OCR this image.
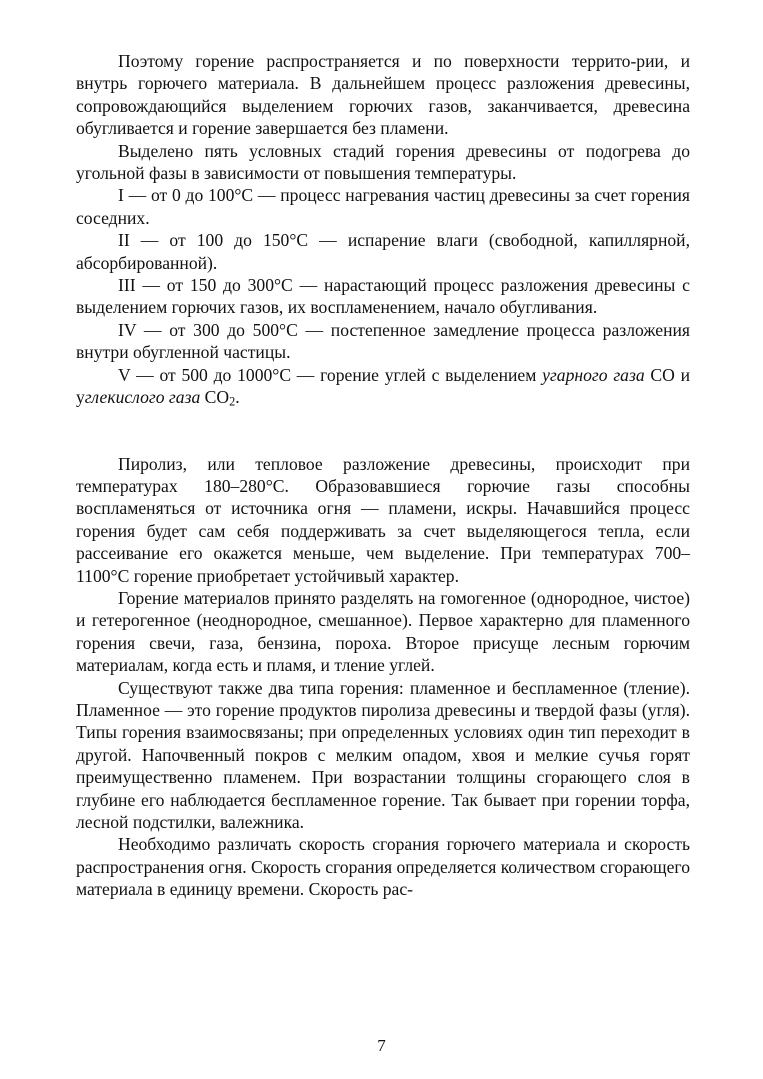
Поэтому горение распространяется и по поверхности террито-рии, и внутрь горючего материала. В дальнейшем процесс разложения древесины, сопровождающийся выделением горючих газов, заканчивается, древесина обугливается и горение завершается без пламени.

Выделено пять условных стадий горения древесины от подогрева до угольной фазы в зависимости от повышения температуры.

I — от 0 до 100°С — процесс нагревания частиц древесины за счет горения соседних.

II — от 100 до 150°С — испарение влаги (свободной, капиллярной, абсорбированной).

III — от 150 до 300°С — нарастающий процесс разложения древесины с выделением горючих газов, их воспламенением, начало обугливания.

IV — от 300 до 500°С — постепенное замедление процесса разложения внутри обугленной частицы.

V — от 500 до 1000°С — горение углей с выделением угарного газа СО и углекислого газа $СО_2$.

Пиролиз, или тепловое разложение древесины, происходит при температурах 180–280°С. Образовавшиеся горючие газы способны воспламеняться от источника огня — пламени, искры. Начавшийся процесс горения будет сам себя поддерживать за счет выделяющегося тепла, если рассеивание его окажется меньше, чем выделение. При температурах 700–1100°С горение приобретает устойчивый характер.

Горение материалов принято разделять на гомогенное (однородное, чистое) и гетерогенное (неоднородное, смешанное). Первое характерно для пламенного горения свечи, газа, бензина, пороха. Второе присуще лесным горючим материалам, когда есть и пламя, и тление углей.

Существуют также два типа горения: пламенное и беспламенное (тление). Пламенное — это горение продуктов пиролиза древесины и твердой фазы (угля). Типы горения взаимосвязаны; при определенных условиях один тип переходит в другой. Напочвенный покров с мелким опадом, хвоя и мелкие сучья горят преимущественно пламенем. При возрастании толщины сгорающего слоя в глубине его наблюдается беспламенное горение. Так бывает при горении торфа, лесной подстилки, валежника.

Необходимо различать скорость сгорания горючего материала и скорость распространения огня. Скорость сгорания определяется количеством сгорающего материала в единицу времени. Скорость рас-

7
